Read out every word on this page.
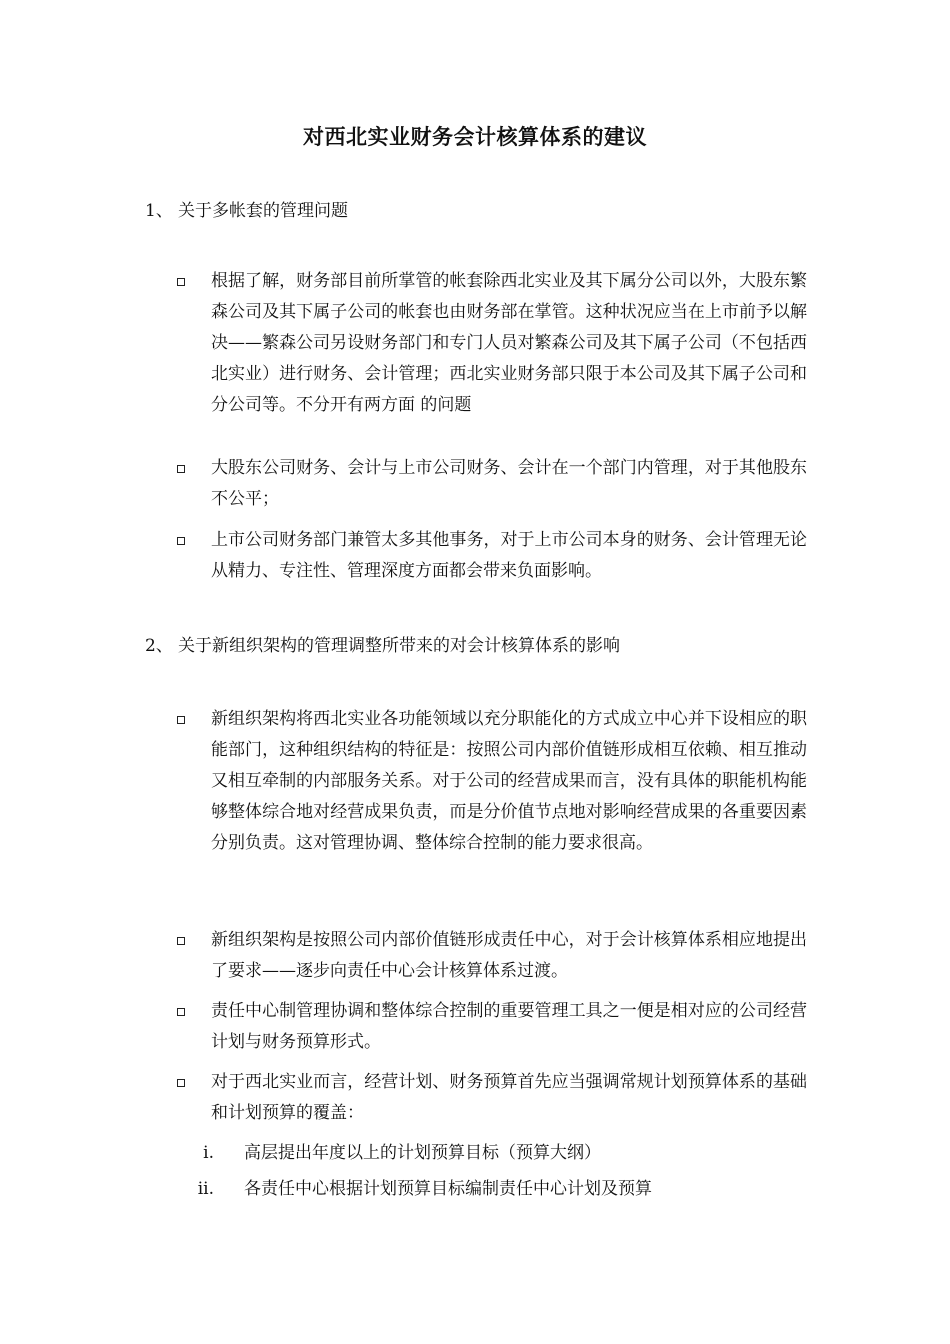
对西北实业财务会计核算体系的建议
1、 关于多帐套的管理问题
根据了解，财务部目前所掌管的帐套除西北实业及其下属分公司以外，大股东繁森公司及其下属子公司的帐套也由财务部在掌管。这种状况应当在上市前予以解决——繁森公司另设财务部门和专门人员对繁森公司及其下属子公司（不包括西北实业）进行财务、会计管理；西北实业财务部只限于本公司及其下属子公司和分公司等。不分开有两方面 的问题
大股东公司财务、会计与上市公司财务、会计在一个部门内管理，对于其他股东不公平；
上市公司财务部门兼管太多其他事务，对于上市公司本身的财务、会计管理无论从精力、专注性、管理深度方面都会带来负面影响。
2、 关于新组织架构的管理调整所带来的对会计核算体系的影响
新组织架构将西北实业各功能领域以充分职能化的方式成立中心并下设相应的职能部门，这种组织结构的特征是：按照公司内部价值链形成相互依赖、相互推动又相互牵制的内部服务关系。对于公司的经营成果而言，没有具体的职能机构能够整体综合地对经营成果负责，而是分价值节点地对影响经营成果的各重要因素分别负责。这对管理协调、整体综合控制的能力要求很高。
新组织架构是按照公司内部价值链形成责任中心，对于会计核算体系相应地提出了要求——逐步向责任中心会计核算体系过渡。
责任中心制管理协调和整体综合控制的重要管理工具之一便是相对应的公司经营计划与财务预算形式。
对于西北实业而言，经营计划、财务预算首先应当强调常规计划预算体系的基础和计划预算的覆盖：
i. 高层提出年度以上的计划预算目标（预算大纲）
ii. 各责任中心根据计划预算目标编制责任中心计划及预算
